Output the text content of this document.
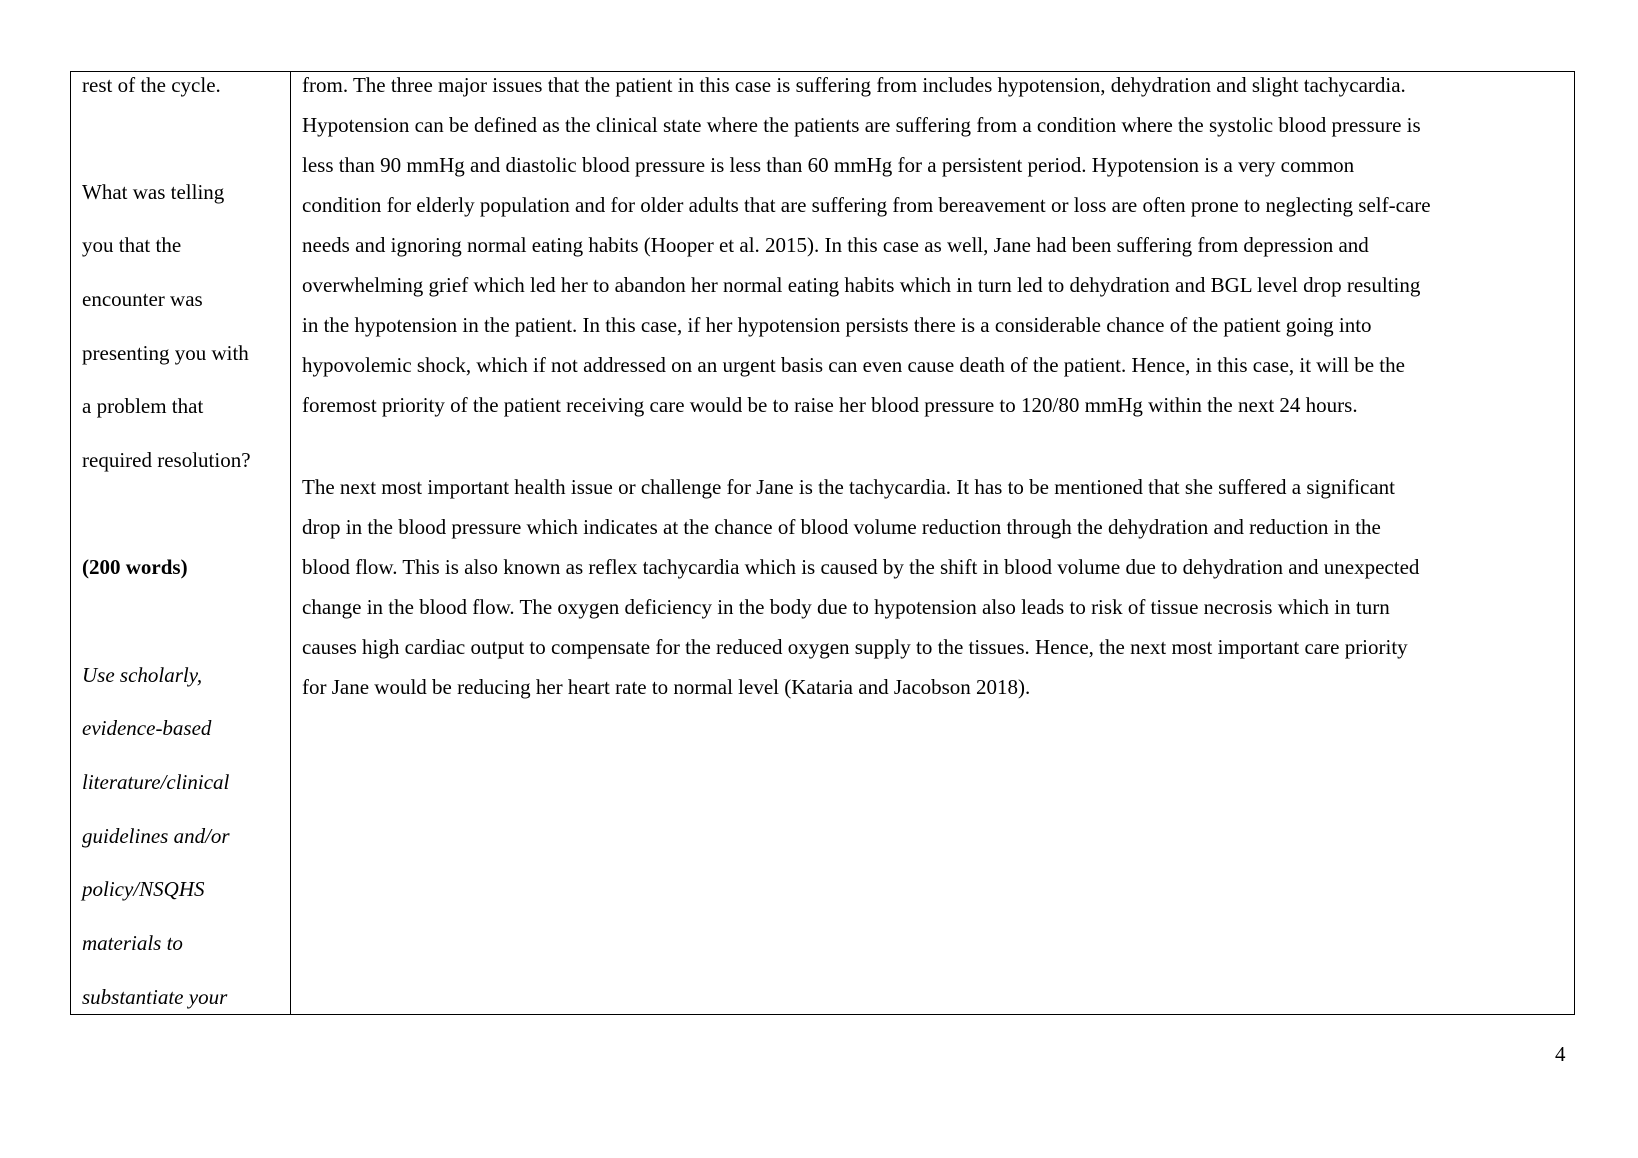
rest of the cycle.
What was telling
you that the
encounter was
presenting you with
a problem that
required resolution?
(200 words)
Use scholarly,
evidence-based
literature/clinical
guidelines and/or
policy/NSQHS
materials to
substantiate your
from. The three major issues that the patient in this case is suffering from includes hypotension, dehydration and slight tachycardia.
Hypotension can be defined as the clinical state where the patients are suffering from a condition where the systolic blood pressure is
less than 90 mmHg and diastolic blood pressure is less than 60 mmHg for a persistent period. Hypotension is a very common
condition for elderly population and for older adults that are suffering from bereavement or loss are often prone to neglecting self-care
needs and ignoring normal eating habits (Hooper et al. 2015). In this case as well, Jane had been suffering from depression and
overwhelming grief which led her to abandon her normal eating habits which in turn led to dehydration and BGL level drop resulting
in the hypotension in the patient. In this case, if her hypotension persists there is a considerable chance of the patient going into
hypovolemic shock, which if not addressed on an urgent basis can even cause death of the patient. Hence, in this case, it will be the
foremost priority of the patient receiving care would be to raise her blood pressure to 120/80 mmHg within the next 24 hours.
The next most important health issue or challenge for Jane is the tachycardia. It has to be mentioned that she suffered a significant
drop in the blood pressure which indicates at the chance of blood volume reduction through the dehydration and reduction in the
blood flow. This is also known as reflex tachycardia which is caused by the shift in blood volume due to dehydration and unexpected
change in the blood flow. The oxygen deficiency in the body due to hypotension also leads to risk of tissue necrosis which in turn
causes high cardiac output to compensate for the reduced oxygen supply to the tissues. Hence, the next most important care priority
for Jane would be reducing her heart rate to normal level (Kataria and Jacobson 2018).
4
